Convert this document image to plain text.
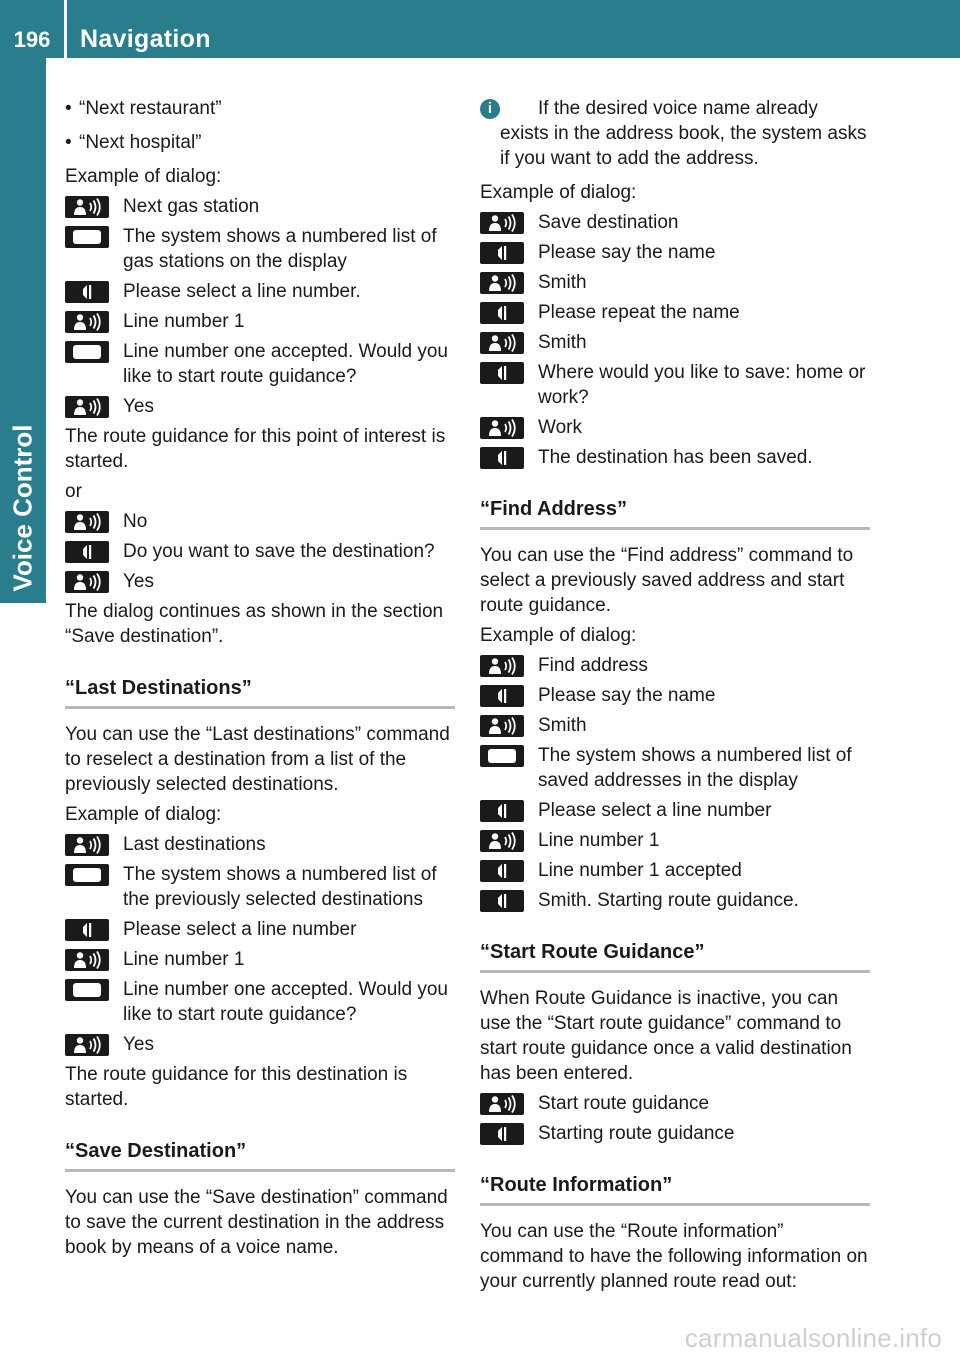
196	Navigation
Voice Control
• “Next restaurant”
• “Next hospital”

Example of dialog:

Next gas station
The system shows a numbered list of gas stations on the display
Please select a line number.
Line number 1
Line number one accepted. Would you like to start route guidance?
Yes

The route guidance for this point of interest is started.

or

No
Do you want to save the destination?
Yes

The dialog continues as shown in the section “Save destination”.

“Last Destinations”

You can use the “Last destinations” command to reselect a destination from a list of the previously selected destinations.

Example of dialog:

Last destinations
The system shows a numbered list of the previously selected destinations
Please select a line number
Line number 1
Line number one accepted. Would you like to start route guidance?
Yes

The route guidance for this destination is started.

“Save Destination”

You can use the “Save destination” command to save the current destination in the address book by means of a voice name.

i	If the desired voice name already exists in the address book, the system asks if you want to add the address.

Example of dialog:

Save destination
Please say the name
Smith
Please repeat the name
Smith
Where would you like to save: home or work?
Work
The destination has been saved.
“Find Address”

You can use the “Find address” command to select a previously saved address and start route guidance.

Example of dialog:

Find address
Please say the name
Smith
The system shows a numbered list of saved addresses in the display
Please select a line number
Line number 1
Line number 1 accepted
Smith. Starting route guidance.
“Start Route Guidance”

When Route Guidance is inactive, you can use the “Start route guidance” command to start route guidance once a valid destination has been entered.

Start route guidance
Starting route guidance
“Route Information”

You can use the “Route information” command to have the following information on your currently planned route read out:

carmanualsonline.info
